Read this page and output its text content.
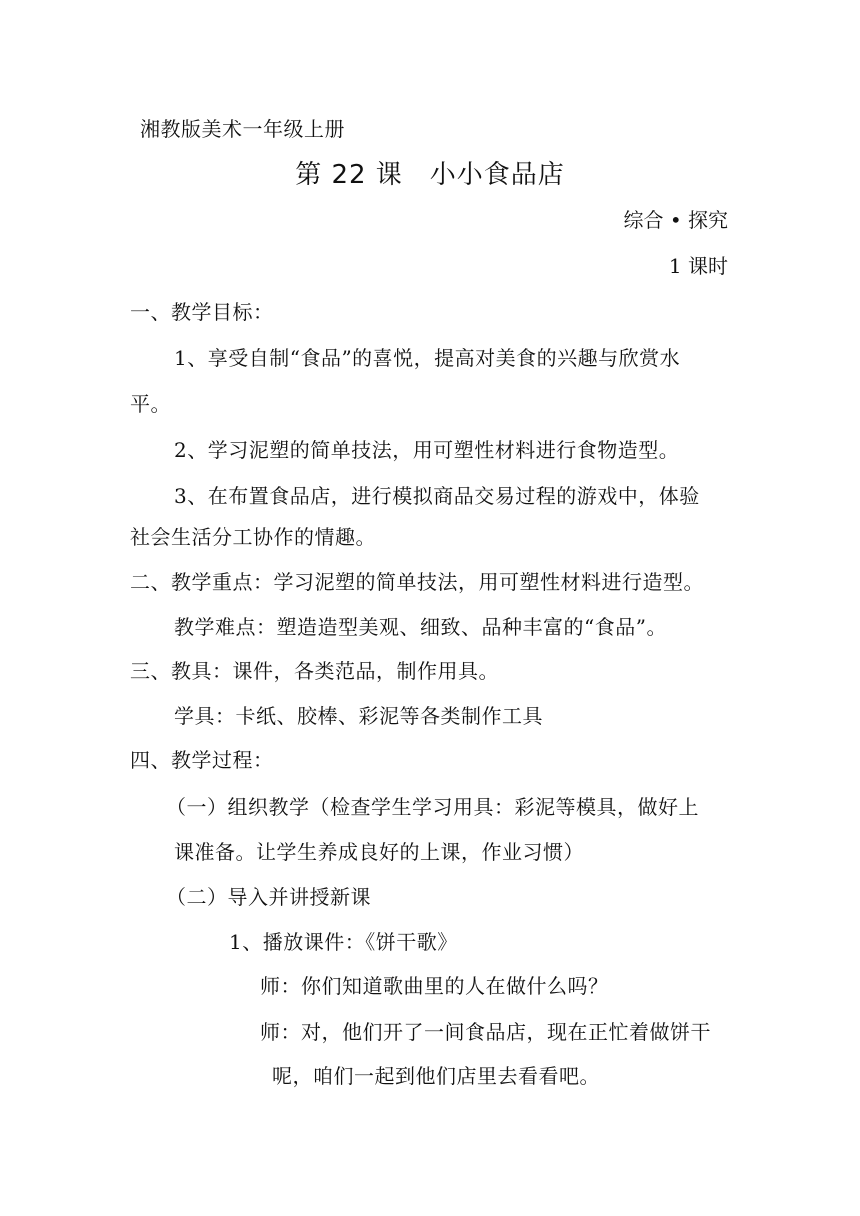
湘教版美术一年级上册
第 22 课　小小食品店
综合 • 探究
1 课时
一、教学目标：
1、享受自制“食品”的喜悦，提高对美食的兴趣与欣赏水
平。
2、学习泥塑的简单技法，用可塑性材料进行食物造型。
3、在布置食品店，进行模拟商品交易过程的游戏中，体验
社会生活分工协作的情趣。
二、教学重点：学习泥塑的简单技法，用可塑性材料进行造型。
教学难点：塑造造型美观、细致、品种丰富的“食品”。
三、教具：课件，各类范品，制作用具。
学具：卡纸、胶棒、彩泥等各类制作工具
四、教学过程：
（一）组织教学（检查学生学习用具：彩泥等模具，做好上
课准备。让学生养成良好的上课，作业习惯）
（二）导入并讲授新课
1、播放课件：《饼干歌》
师：你们知道歌曲里的人在做什么吗？
师：对，他们开了一间食品店，现在正忙着做饼干
呢，咱们一起到他们店里去看看吧。
